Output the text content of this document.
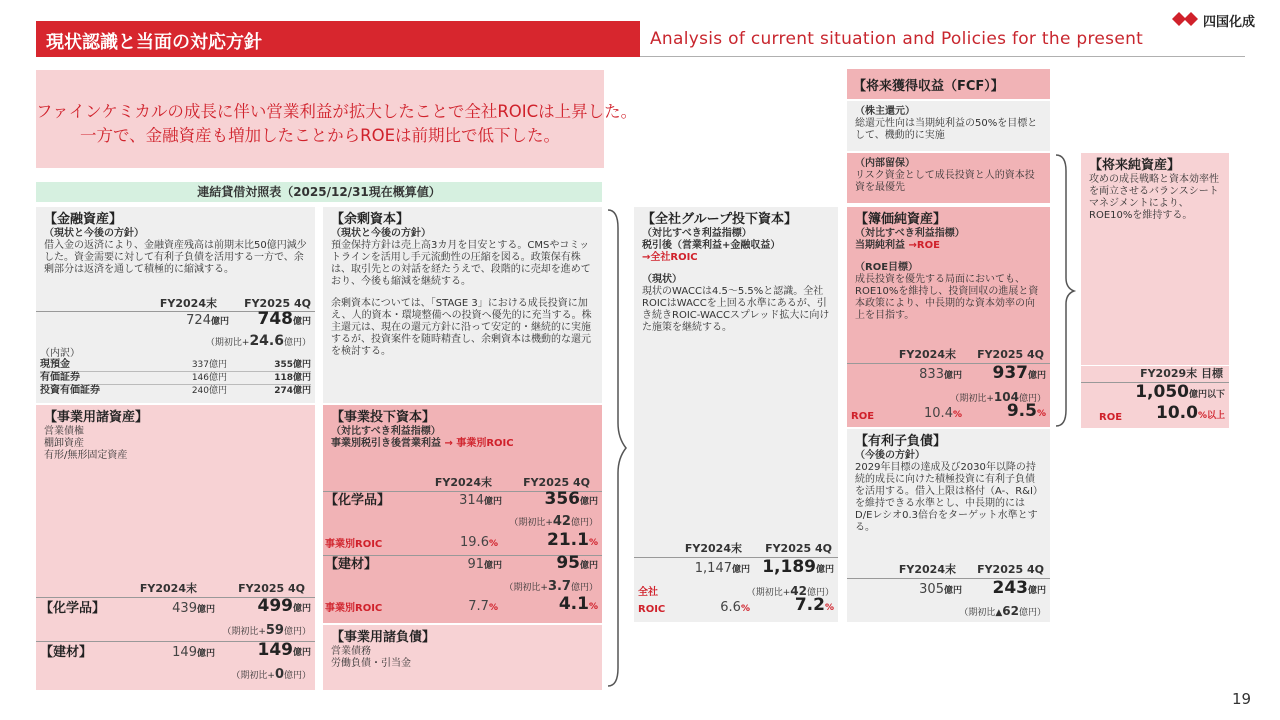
現状認識と当面の対応方針	Analysis of current situation and Policies for the present
四国化成
ファインケミカルの成長に伴い営業利益が拡大したことで全社ROICは上昇した。
一方で、金融資産も増加したことからROEは前期比で低下した。
連結貸借対照表（2025/12/31現在概算値）
【金融資産】
（現状と今後の方針）
借入金の返済により、金融資産残高は前期末比50億円減少した。資金需要に対して有利子負債を活用する一方で、余剰部分は返済を通して積極的に縮減する。
FY2024末 FY2025 4Q
724億円 748億円
（期初比+24.6億円）
（内訳）
現預金	337億円	355億円
有価証券	146億円	118億円
投資有価証券	240億円	274億円
【事業用諸資産】
営業債権
棚卸資産
有形/無形固定資産
FY2024末	FY2025 4Q
【化学品】	439億円 499億円
（期初比+59億円）
【建材】	149億円 149億円
（期初比+0億円）
【余剰資本】
（現状と今後の方針）
預金保持方針は売上高3カ月を目安とする。CMSやコミットラインを活用し手元流動性の圧縮を図る。政策保有株は、取引先との対話を経たうえで、段階的に売却を進めており、今後も縮減を継続する。
余剰資本については、「STAGE 3」における成長投資に加え、人的資本・環境整備への投資へ優先的に充当する。株主還元は、現在の還元方針に沿って安定的・継続的に実施するが、投資案件を随時精査し、余剰資本は機動的な還元を検討する。
【事業投下資本】
（対比すべき利益指標）
事業別税引き後営業利益 → 事業別ROIC
FY2024末	FY2025 4Q
【化学品】	314億円 356億円
（期初比+42億円）
事業別ROIC	19.6%	21.1%
【建材】	91億円	95億円
（期初比+3.7億円）
事業別ROIC	7.7%	4.1%
【事業用諸負債】
営業債務
労働負債・引当金
【全社グループ投下資本】
（対比すべき利益指標）
税引後（営業利益+金融収益）
→全社ROIC
（現状）
現状のWACCは4.5～5.5%と認識。全社ROICはWACCを上回る水準にあるが、引き続きROIC-WACCスプレッド拡大に向けた施策を継続する。
FY2024末 FY2025 4Q
1,147億円 1,189億円
全社	（期初比+42億円）
ROIC	6.6%	7.2%
【将来獲得収益（FCF）】
（株主還元）
総還元性向は当期純利益の50%を目標として、機動的に実施
（内部留保）
リスク資金として成長投資と人的資本投資を最優先
【簿価純資産】
（対比すべき利益指標）
当期純利益 →ROE
（ROE目標）
成長投資を優先する局面においても、ROE10%を維持し、投資回収の進展と資本政策により、中長期的な資本効率の向上を目指す。
FY2024末 FY2025 4Q
833億円 937億円
（期初比+104億円）
ROE	10.4%	9.5%
【有利子負債】
（今後の方針）
2029年目標の達成及び2030年以降の持続的成長に向けた積極投資に有利子負債を活用する。借入上限は格付（A-、R&I）を維持できる水準とし、中長期的にはD/Eレシオ0.3倍台をターゲット水準とする。
FY2024末 FY2025 4Q
305億円 243億円
（期初比▲62億円）
【将来純資産】
攻めの成長戦略と資本効率性を両立させるバランスシートマネジメントにより、ROE10%を維持する。
FY2029末 目標
1,050億円以下
ROE 10.0%以上
19
